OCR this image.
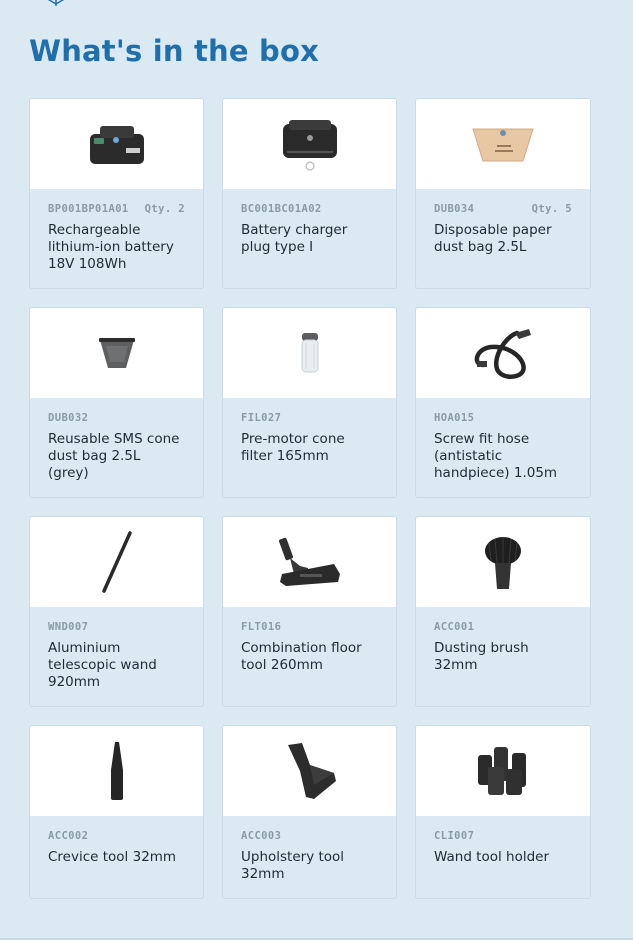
What's in the box
BP001BP01A01 Qty. 2
Rechargeable lithium-ion battery 18V 108Wh
BC001BC01A02
Battery charger plug type I
DUB034	Qty. 5
Disposable paper dust bag 2.5L
DUB032
Reusable SMS cone dust bag 2.5L (grey)
FIL027
Pre-motor cone filter 165mm
HOA015
Screw fit hose (antistatic handpiece) 1.05m
WND007
Aluminium telescopic wand 920mm
FLT016
Combination floor tool 260mm
ACC001
Dusting brush 32mm
ACC002
Crevice tool 32mm
ACC003
Upholstery tool 32mm
CLI007
Wand tool holder
